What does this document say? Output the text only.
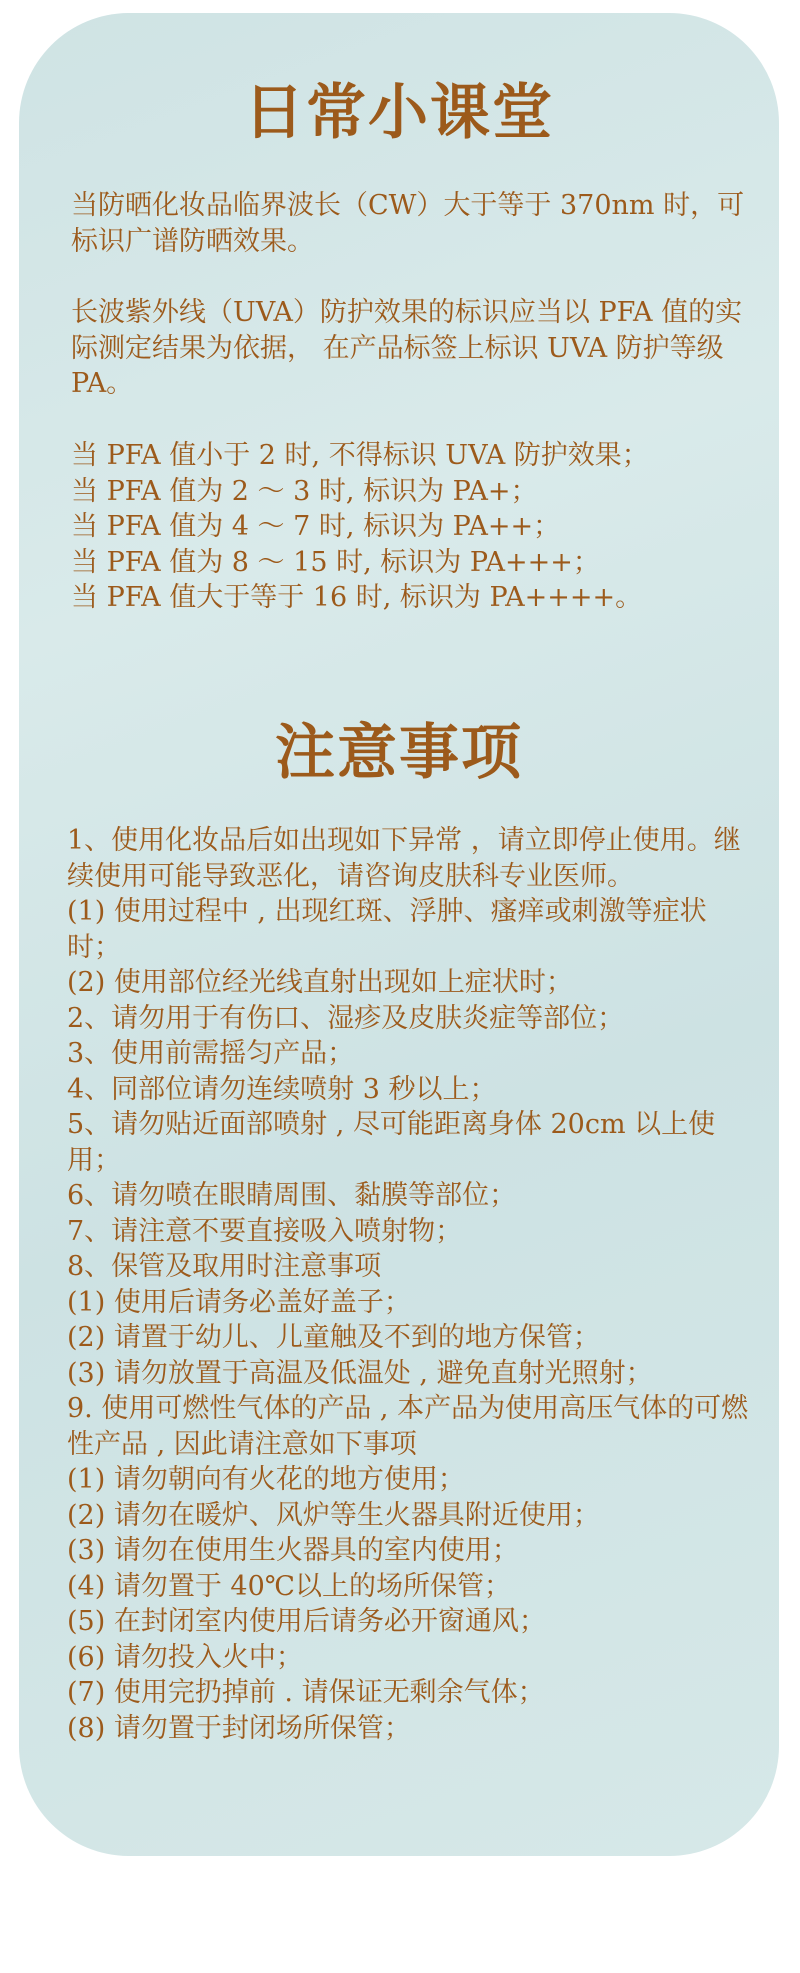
日常小课堂

当防晒化妆品临界波长（CW）大于等于 370nm 时，可标识广谱防晒效果。

长波紫外线（UVA）防护效果的标识应当以 PFA 值的实际测定结果为依据， 在产品标签上标识 UVA 防护等级 PA。

当 PFA 值小于 2 时, 不得标识 UVA 防护效果；

当 PFA 值为 2 ～ 3 时, 标识为 PA+；

当 PFA 值为 4 ～ 7 时, 标识为 PA++；

当 PFA 值为 8 ～ 15 时, 标识为 PA+++；

当 PFA 值大于等于 16 时, 标识为 PA++++。

注意事项

1、使用化妆品后如出现如下异常 ，请立即停止使用。继续使用可能导致恶化，请咨询皮肤科专业医师。

(1) 使用过程中 , 出现红斑、浮肿、瘙痒或刺激等症状时；

(2) 使用部位经光线直射出现如上症状时；

2、请勿用于有伤口、湿疹及皮肤炎症等部位；

3、使用前需摇匀产品；

4、同部位请勿连续喷射 3 秒以上；

5、请勿贴近面部喷射 , 尽可能距离身体 20cm 以上使用；

6、请勿喷在眼睛周围、黏膜等部位；

7、请注意不要直接吸入喷射物；

8、保管及取用时注意事项

(1) 使用后请务必盖好盖子；

(2) 请置于幼儿、儿童触及不到的地方保管；

(3) 请勿放置于高温及低温处 , 避免直射光照射；

9. 使用可燃性气体的产品 , 本产品为使用高压气体的可燃性产品 , 因此请注意如下事项

(1) 请勿朝向有火花的地方使用；

(2) 请勿在暖炉、风炉等生火器具附近使用；

(3) 请勿在使用生火器具的室内使用；

(4) 请勿置于 40℃以上的场所保管；

(5) 在封闭室内使用后请务必开窗通风；

(6) 请勿投入火中；

(7) 使用完扔掉前 . 请保证无剩余气体；

(8) 请勿置于封闭场所保管；
